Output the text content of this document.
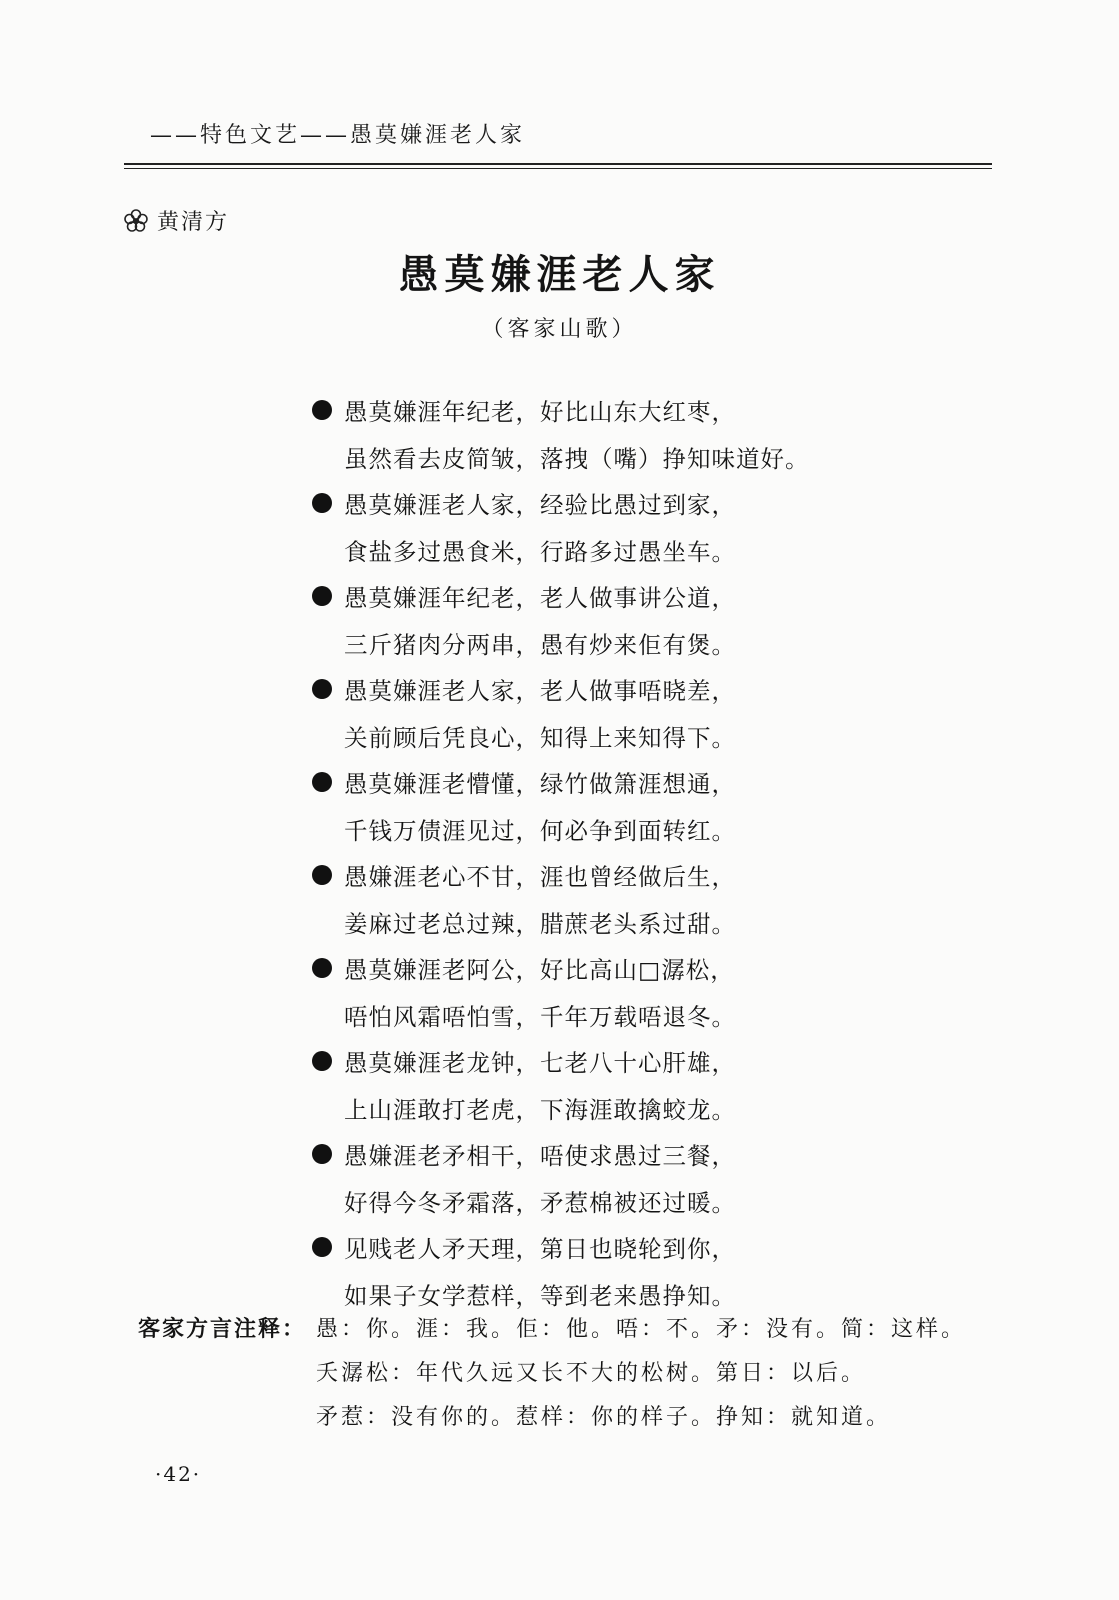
——特色文艺——愚莫嫌涯老人家
黄清方
愚莫嫌涯老人家
（客家山歌）
愚莫嫌涯年纪老，好比山东大红枣，
虽然看去皮简皱，落拽（嘴）挣知味道好。
愚莫嫌涯老人家，经验比愚过到家，
食盐多过愚食米，行路多过愚坐车。
愚莫嫌涯年纪老，老人做事讲公道，
三斤猪肉分两串，愚有炒来佢有煲。
愚莫嫌涯老人家，老人做事唔晓差，
关前顾后凭良心，知得上来知得下。
愚莫嫌涯老懵懂，绿竹做箫涯想通，
千钱万债涯见过，何必争到面转红。
愚嫌涯老心不甘，涯也曾经做后生，
姜麻过老总过辣，腊蔗老头系过甜。
愚莫嫌涯老阿公，好比高山□潺松，
唔怕风霜唔怕雪，千年万载唔退冬。
愚莫嫌涯老龙钟，七老八十心肝雄，
上山涯敢打老虎，下海涯敢擒蛟龙。
愚嫌涯老矛相干，唔使求愚过三餐，
好得今冬矛霜落，矛惹棉被还过暖。
见贱老人矛天理，第日也晓轮到你，
如果子女学惹样，等到老来愚挣知。
客家方言注释： 愚：你。涯：我。佢：他。唔：不。矛：没有。简：这样。
夭潺松：年代久远又长不大的松树。第日：以后。
矛惹：没有你的。惹样：你的样子。挣知：就知道。
·42·
